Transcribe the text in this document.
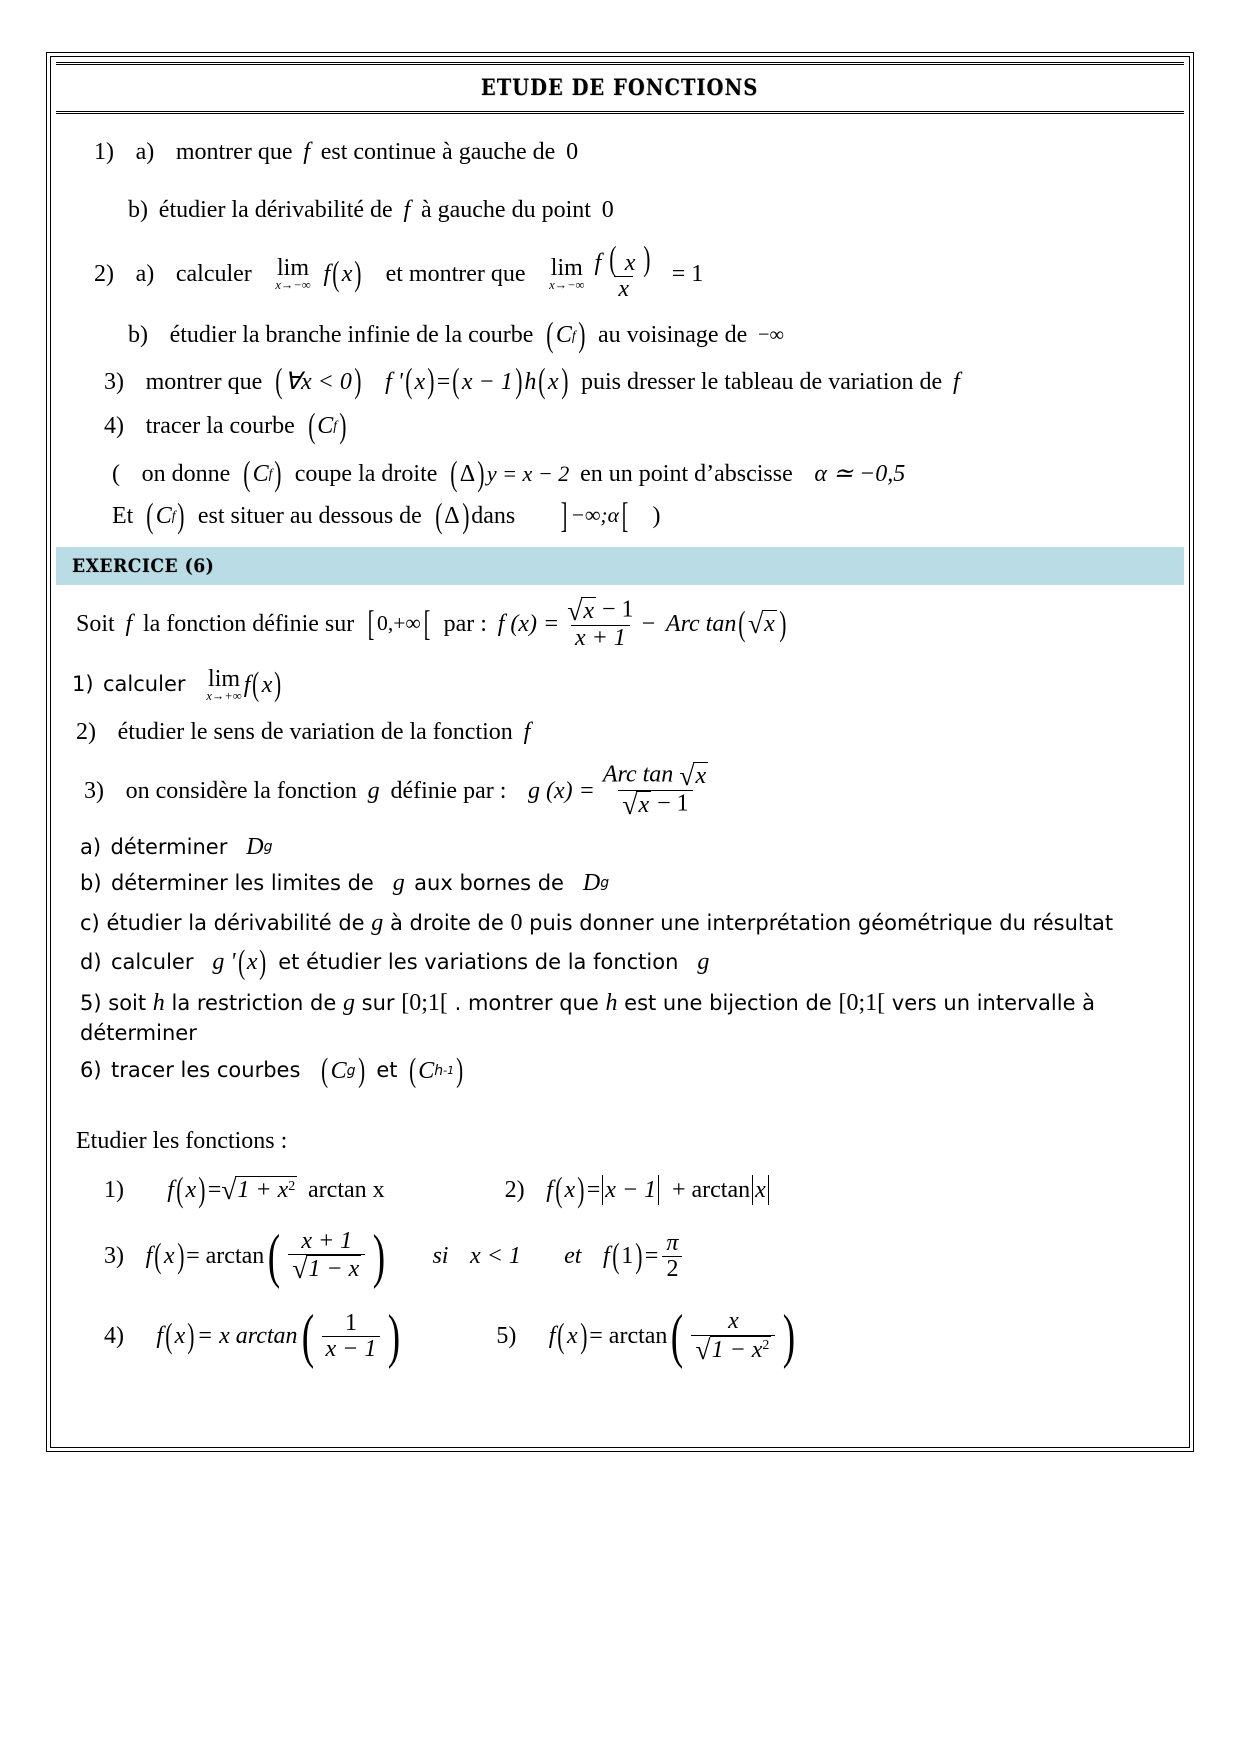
ETUDE DE FONCTIONS
1) a) montrer que f est continue à gauche de 0
b) étudier la dérivabilité de f à gauche du point 0
2) a) calculer lim
x→−∞ f ( x ) et montrer que lim
$x\to-\infty \frac{f ( x )}{x} = 1$
b) étudier la branche infinie de la courbe ( C f ) au voisinage de −∞
3) montrer que ( ∀x < 0 ) f ' ( x ) = ( x − 1 ) h ( x ) puis dresser le tableau de variation de f
4) tracer la courbe ( C f )
( on donne ( C f ) coupe la droite ( Δ ) y = x − 2 en un point d’abscisse α ≃ −0,5
Et ( C f ) est situer au dessous de ( Δ ) dans ] −∞;α [ )
EXERCICE (6)
Soit f la fonction définie sur [ 0,+∞ [ par : f $(x) = \frac{√ x - 1}{x + 1}$ − Arc tan ( √ x )
1) calculer lim
x→+∞ f ( x )
2) étudier le sens de variation de la fonction f
3) on considère la fonction g définie par : g $(x) = \frac{\text{Arc tan √ x}}{√ x - 1}$
a) déterminer D g
b) déterminer les limites de g aux bornes de D g
c) étudier la dérivabilité de g à droite de 0 puis donner une interprétation géométrique du résultat
d) calculer g ' ( x ) et étudier les variations de la fonction g
5) soit h la restriction de g sur [0;1[ . montrer que h est une bijection de [0;1[ vers un intervalle à déterminer
6) tracer les courbes ( C g ) et ( C h -1 )
Etudier les fonctions :
1) f ( x ) = √ 1 + x2 arctan x	2) f ( x ) = x − 1 + arctan x
3) f ( x ) = arctan ( $\frac{x + 1}{√ 1 - x}$ ) si x < 1 et f ( 1 ) = $\frac{\pi}{2}$
4) f ( x ) = x arctan ( $\frac{1}{x - 1}$ )	5) f ( x ) = arctan ( $\frac{x}{√ 1 - x2}$ )
